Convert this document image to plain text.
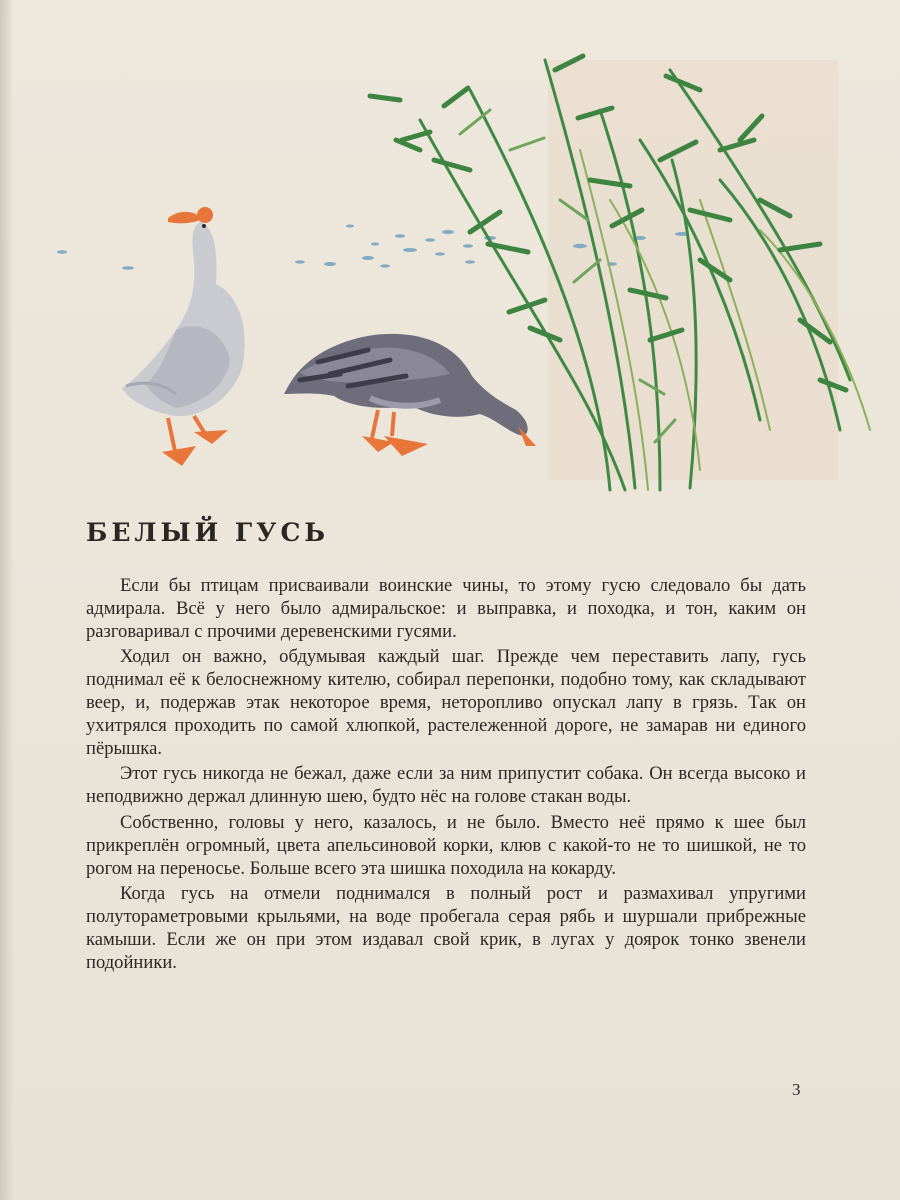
БЕЛЫЙ ГУСЬ

Если бы птицам присваивали воинские чины, то этому гусю следовало бы дать адмирала. Всё у него было адмиральское: и выправка, и походка, и тон, каким он разговаривал с прочими деревенскими гусями.

Ходил он важно, обдумывая каждый шаг. Прежде чем переставить лапу, гусь поднимал её к белоснежному кителю, собирал перепонки, подобно тому, как складывают веер, и, подержав этак некоторое время, неторопливо опускал лапу в грязь. Так он ухитрялся проходить по самой хлюпкой, растележенной дороге, не замарав ни единого пёрышка.

Этот гусь никогда не бежал, даже если за ним припустит собака. Он всегда высоко и неподвижно держал длинную шею, будто нёс на голове стакан воды.

Собственно, головы у него, казалось, и не было. Вместо неё прямо к шее был прикреплён огромный, цвета апельсиновой корки, клюв с какой-то не то шишкой, не то рогом на переносье. Больше всего эта шишка походила на кокарду.

Когда гусь на отмели поднимался в полный рост и размахивал упругими полутораметровыми крыльями, на воде пробегала серая рябь и шуршали прибрежные камыши. Если же он при этом издавал свой крик, в лугах у доярок тонко звенели подойники.

3
